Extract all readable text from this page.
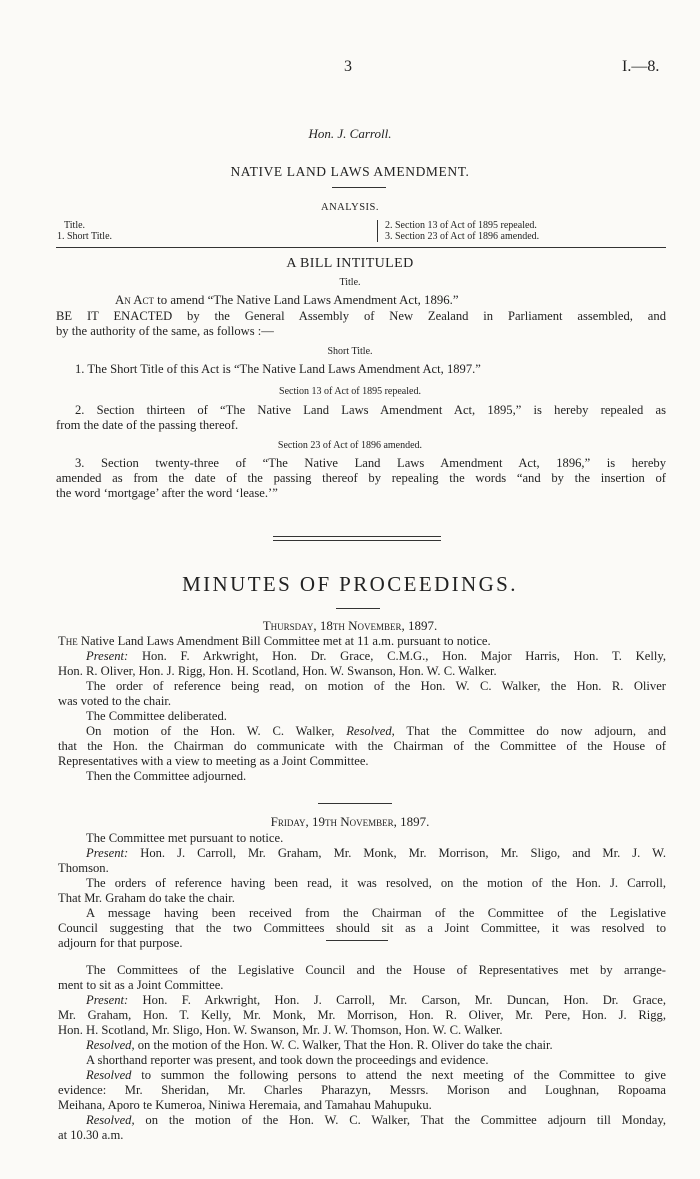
3	I.—8.
Hon. J. Carroll.
NATIVE LAND LAWS AMENDMENT.
ANALYSIS.
Title.
1. Short Title.
2. Section 13 of Act of 1895 repealed.
3. Section 23 of Act of 1896 amended.
A BILL INTITULED
Title.
An Act to amend “The Native Land Laws Amendment Act, 1896.”
BE IT ENACTED by the General Assembly of New Zealand in Parliament assembled, and
by the authority of the same, as follows :—
Short Title.
1. The Short Title of this Act is “The Native Land Laws Amendment Act, 1897.”
Section 13 of Act of 1895 repealed.
2. Section thirteen of “The Native Land Laws Amendment Act, 1895,” is hereby repealed as
from the date of the passing thereof.
Section 23 of Act of 1896 amended.
3. Section twenty-three of “The Native Land Laws Amendment Act, 1896,” is hereby
amended as from the date of the passing thereof by repealing the words “and by the insertion of
the word ‘mortgage’ after the word ‘lease.’”
MINUTES OF PROCEEDINGS.
Thursday, 18th November, 1897.
The Native Land Laws Amendment Bill Committee met at 11 a.m. pursuant to notice.
Present: Hon. F. Arkwright, Hon. Dr. Grace, C.M.G., Hon. Major Harris, Hon. T. Kelly,
Hon. R. Oliver, Hon. J. Rigg, Hon. H. Scotland, Hon. W. Swanson, Hon. W. C. Walker.
The order of reference being read, on motion of the Hon. W. C. Walker, the Hon. R. Oliver
was voted to the chair.
The Committee deliberated.
On motion of the Hon. W. C. Walker, Resolved, That the Committee do now adjourn, and
that the Hon. the Chairman do communicate with the Chairman of the Committee of the House of
Representatives with a view to meeting as a Joint Committee.
Then the Committee adjourned.
Friday, 19th November, 1897.
The Committee met pursuant to notice.
Present: Hon. J. Carroll, Mr. Graham, Mr. Monk, Mr. Morrison, Mr. Sligo, and Mr. J. W.
Thomson.
The orders of reference having been read, it was resolved, on the motion of the Hon. J. Carroll,
That Mr. Graham do take the chair.
A message having been received from the Chairman of the Committee of the Legislative
Council suggesting that the two Committees should sit as a Joint Committee, it was resolved to
adjourn for that purpose.
The Committees of the Legislative Council and the House of Representatives met by arrange-
ment to sit as a Joint Committee.
Present: Hon. F. Arkwright, Hon. J. Carroll, Mr. Carson, Mr. Duncan, Hon. Dr. Grace,
Mr. Graham, Hon. T. Kelly, Mr. Monk, Mr. Morrison, Hon. R. Oliver, Mr. Pere, Hon. J. Rigg,
Hon. H. Scotland, Mr. Sligo, Hon. W. Swanson, Mr. J. W. Thomson, Hon. W. C. Walker.
Resolved, on the motion of the Hon. W. C. Walker, That the Hon. R. Oliver do take the chair.
A shorthand reporter was present, and took down the proceedings and evidence.
Resolved to summon the following persons to attend the next meeting of the Committee to give
evidence: Mr. Sheridan, Mr. Charles Pharazyn, Messrs. Morison and Loughnan, Ropoama
Meihana, Aporo te Kumeroa, Niniwa Heremaia, and Tamahau Mahupuku.
Resolved, on the motion of the Hon. W. C. Walker, That the Committee adjourn till Monday,
at 10.30 a.m.
